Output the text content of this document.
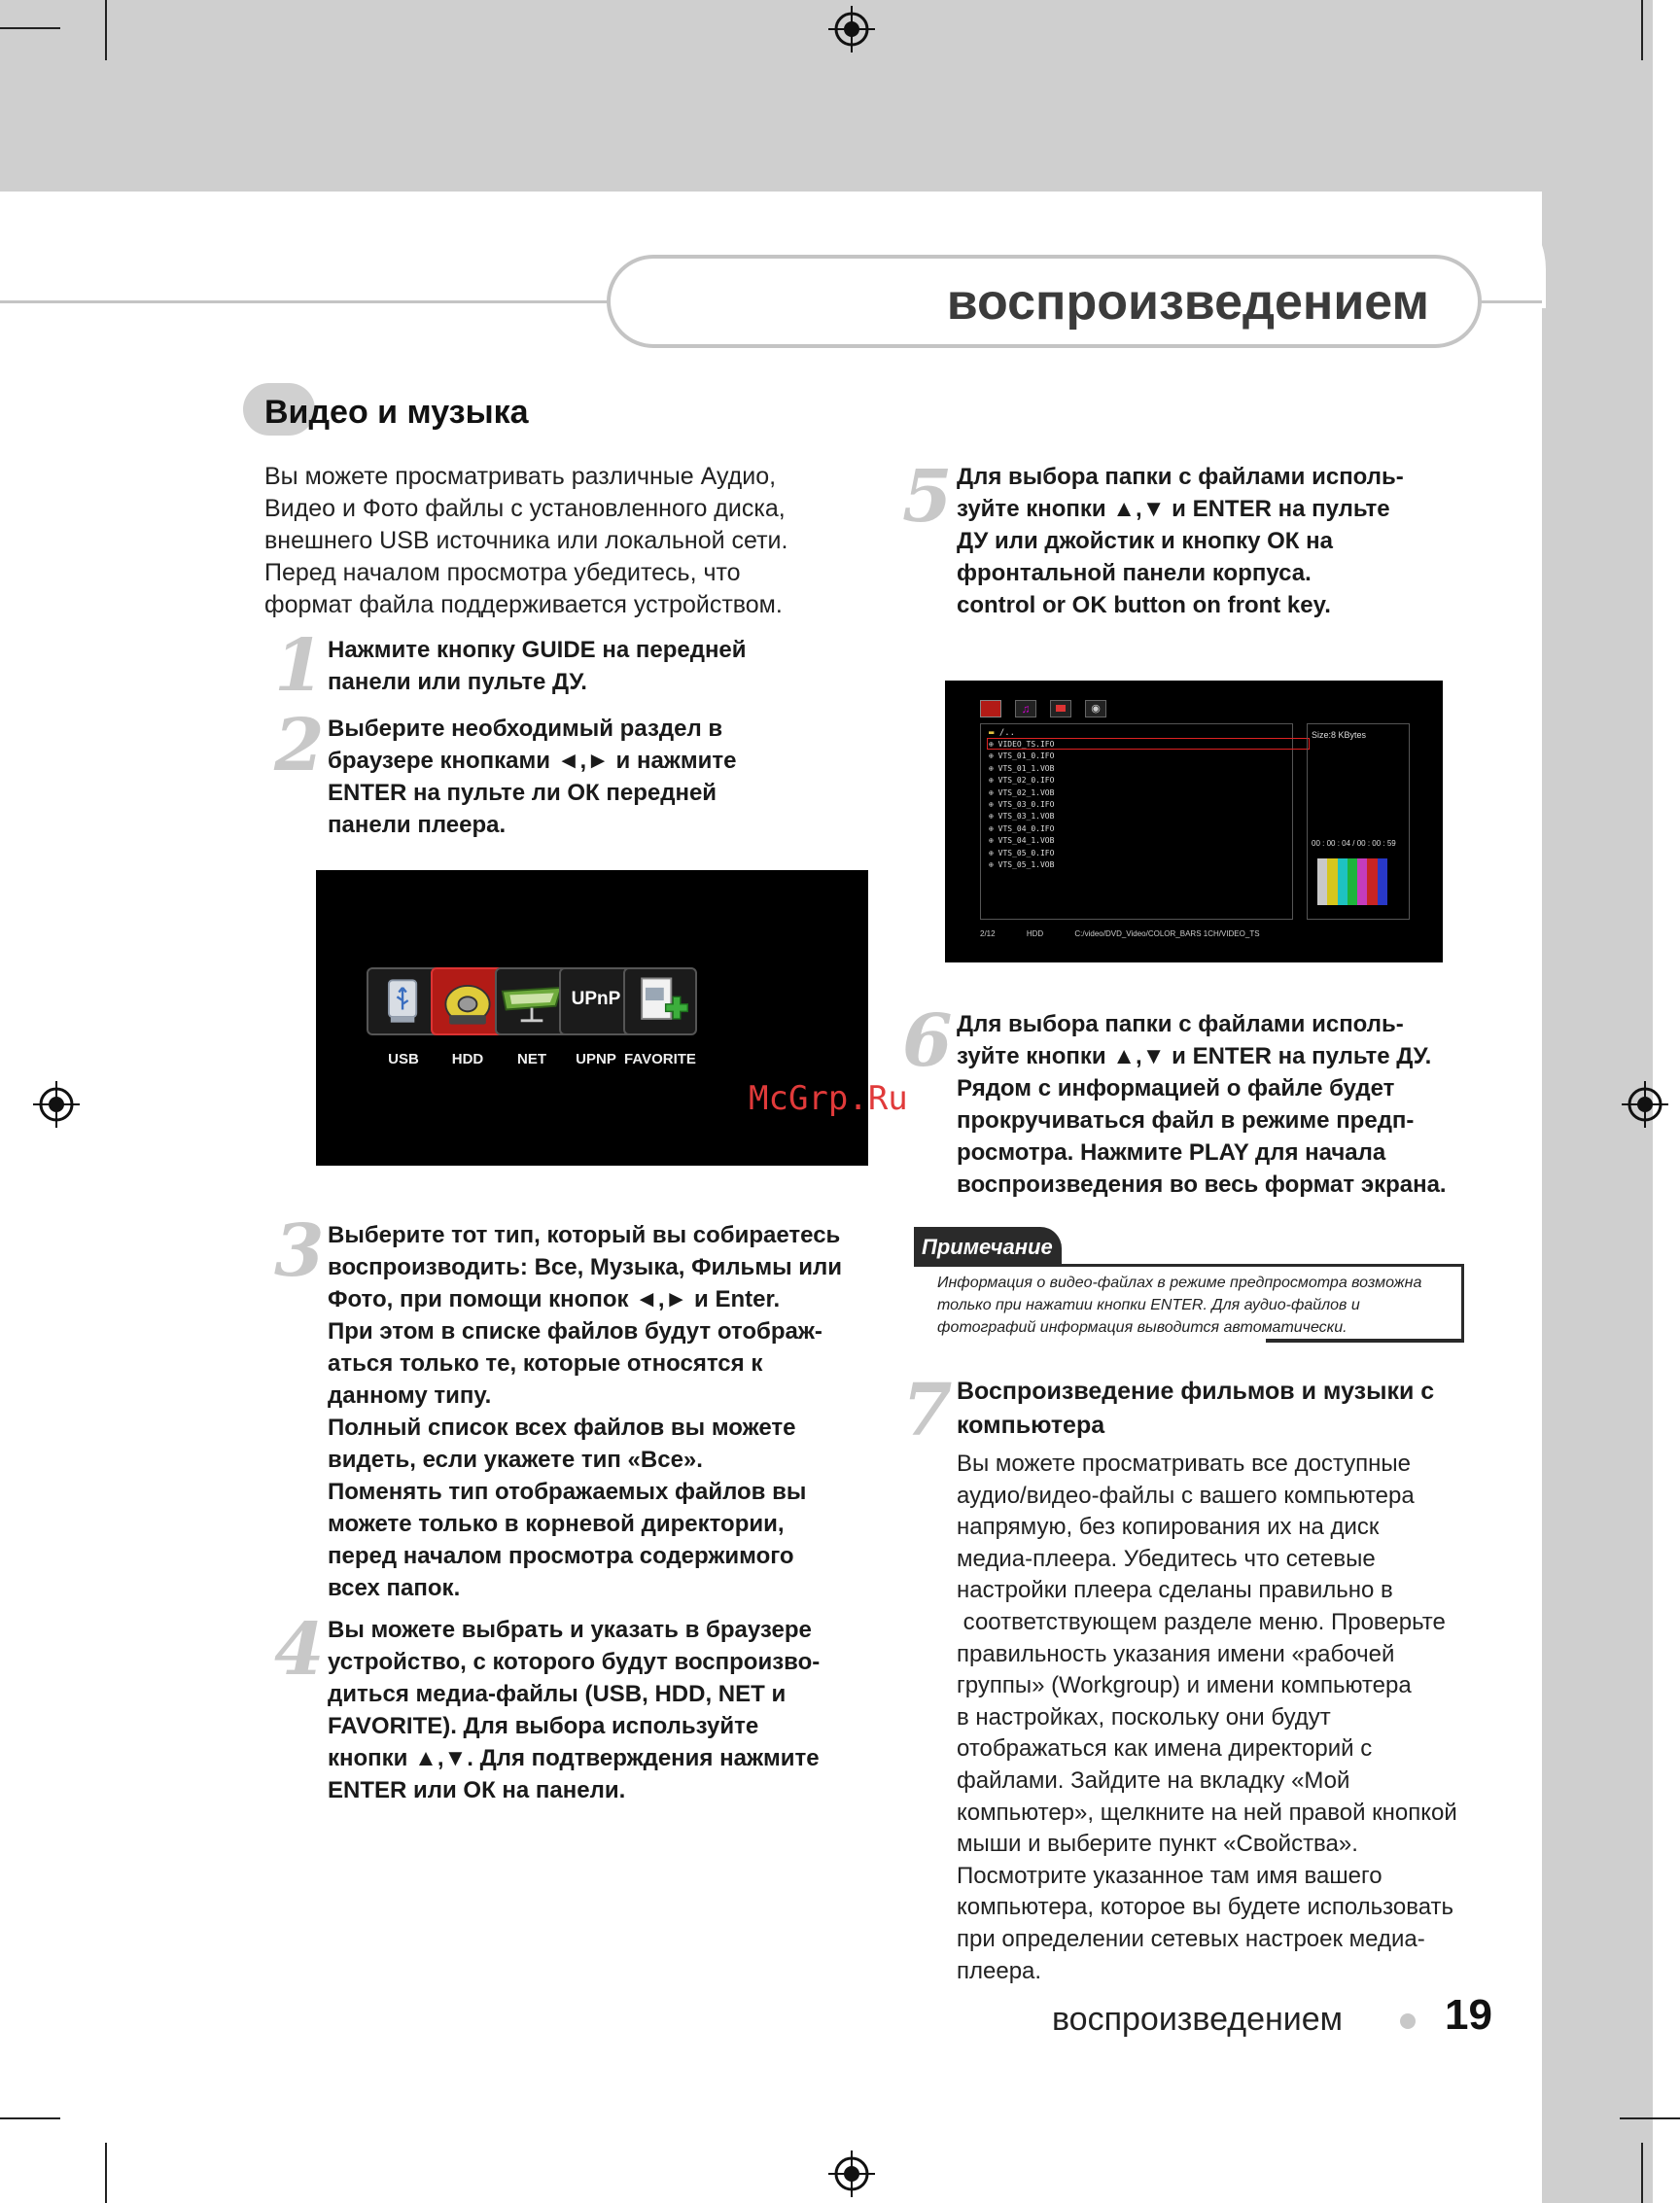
воспроизведением
Видео и музыка
Вы можете просматривать различные Аудио,
Видео и Фото файлы с установленного диска,
внешнего USB источника или локальной сети.
Перед началом просмотра убедитесь, что
формат файла поддерживается устройством.
1 Нажмите кнопку GUIDE на передней
панели или пульте ДУ.
2 Выберите необходимый раздел в
браузере кнопками ◄,► и нажмите
ENTER на пульте ли ОК передней
панели плеера.
UPnP
USB	HDD	NET	UPNP FAVORITE
3 Выберите тот тип, который вы собираетесь
воспроизводить: Все, Музыка, Фильмы или
Фото, при помощи кнопок ◄,► и Enter.
При этом в списке файлов будут отображ-
аться только те, которые относятся к
данному типу.
Полный список всех файлов вы можете
видеть, если укажете тип «Все».
Поменять тип отображаемых файлов вы
можете только в корневой директории,
перед началом просмотра содержимого
всех папок.
4 Вы можете выбрать и указать в браузере
устройство, с которого будут воспроизво-
диться медиа-файлы (USB, HDD, NET и
FAVORITE). Для выбора используйте
кнопки ▲,▼. Для подтверждения нажмите
ENTER или ОК на панели.
5 Для выбора папки с файлами исполь-
зуйте кнопки ▲,▼ и ENTER на пульте
ДУ или джойстик и кнопку ОК на
фронтальной панели корпуса.
control or OK button on front key.
♫	◉
▬ /..
⊕ VIDEO_TS.IFO
⊕ VTS_01_0.IFO
⊕ VTS_01_1.VOB
⊕ VTS_02_0.IFO
⊕ VTS_02_1.VOB
⊕ VTS_03_0.IFO
⊕ VTS_03_1.VOB
⊕ VTS_04_0.IFO
⊕ VTS_04_1.VOB
⊕ VTS_05_0.IFO
⊕ VTS_05_1.VOB
Size:8 KBytes
00 : 00 : 04 / 00 : 00 : 59
2/12	HDD	C:/video/DVD_Video/COLOR_BARS 1CH/VIDEO_TS
6 Для выбора папки с файлами исполь-
зуйте кнопки ▲,▼ и ENTER на пульте ДУ.
Рядом с информацией о файле будет
прокручиваться файл в режиме предп-
росмотра. Нажмите PLAY для начала
воспроизведения во весь формат экрана.
Примечание
Информация о видео-файлах в режиме предпросмотра возможна
только при нажатии кнопки ENTER. Для аудио-файлов и
фотографий информация выводится автоматически.
7 Воспроизведение фильмов и музыки с
компьютера
Вы можете просматривать все доступные
аудио/видео-файлы с вашего компьютера
напрямую, без копирования их на диск
медиа-плеера. Убедитесь что сетевые
настройки плеера сделаны правильно в
соответствующем разделе меню. Проверьте
правильность указания имени «рабочей
группы» (Workgroup) и имени компьютера
в настройках, поскольку они будут
отображаться как имена директорий с
файлами. Зайдите на вкладку «Мой
компьютер», щелкните на ней правой кнопкой
мыши и выберите пункт «Свойства».
Посмотрите указанное там имя вашего
компьютера, которое вы будете использовать
при определении сетевых настроек медиа-
плеера.
McGrp.Ru
воспроизведением 19
